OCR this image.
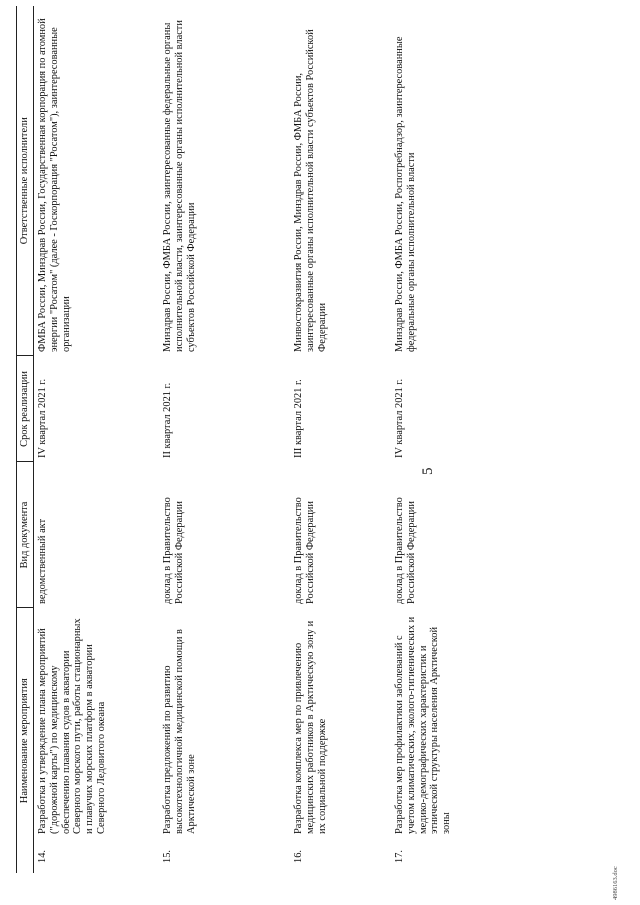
5
Наименование мероприятия		Вид документа	Срок реализации	Ответственные исполнители
14.	Разработка и утверждение плана мероприятий ("дорожной карты") по медицинскому обеспечению плавания судов в акватории Северного морского пути, работы стационарных и плавучих морских платформ в акватории Северного Ледовитого океана	ведомственный акт	IV квартал 2021 г.	ФМБА России, Минздрав России, Государственная корпорация по атомной энергии "Росатом" (далее - Госкорпорация "Росатом"), заинтересованные организации
15.	Разработка предложений по развитию высокотехнологичной медицинской помощи в Арктической зоне	доклад в Правительство Российской Федерации	II квартал 2021 г.	Минздрав России, ФМБА России, заинтересованные федеральные органы исполнительной власти, заинтересованные органы исполнительной власти субъектов Российской Федерации
16.	Разработка комплекса мер по привлечению медицинских работников в Арктическую зону и их социальной поддержке	доклад в Правительство Российской Федерации	III квартал 2021 г.	Минвостокразвития России, Минздрав России, ФМБА России, заинтересованные органы исполнительной власти субъектов Российской Федерации
17.	Разработка мер профилактики заболеваний с учетом климатических, эколого-гигиенических и медико-демографических характеристик и этнической структуры населения Арктической зоны	доклад в Правительство Российской Федерации	IV квартал 2021 г.	Минздрав России, ФМБА России, Роспотребнадзор, заинтересованные федеральные органы исполнительной власти
4986163.doc
